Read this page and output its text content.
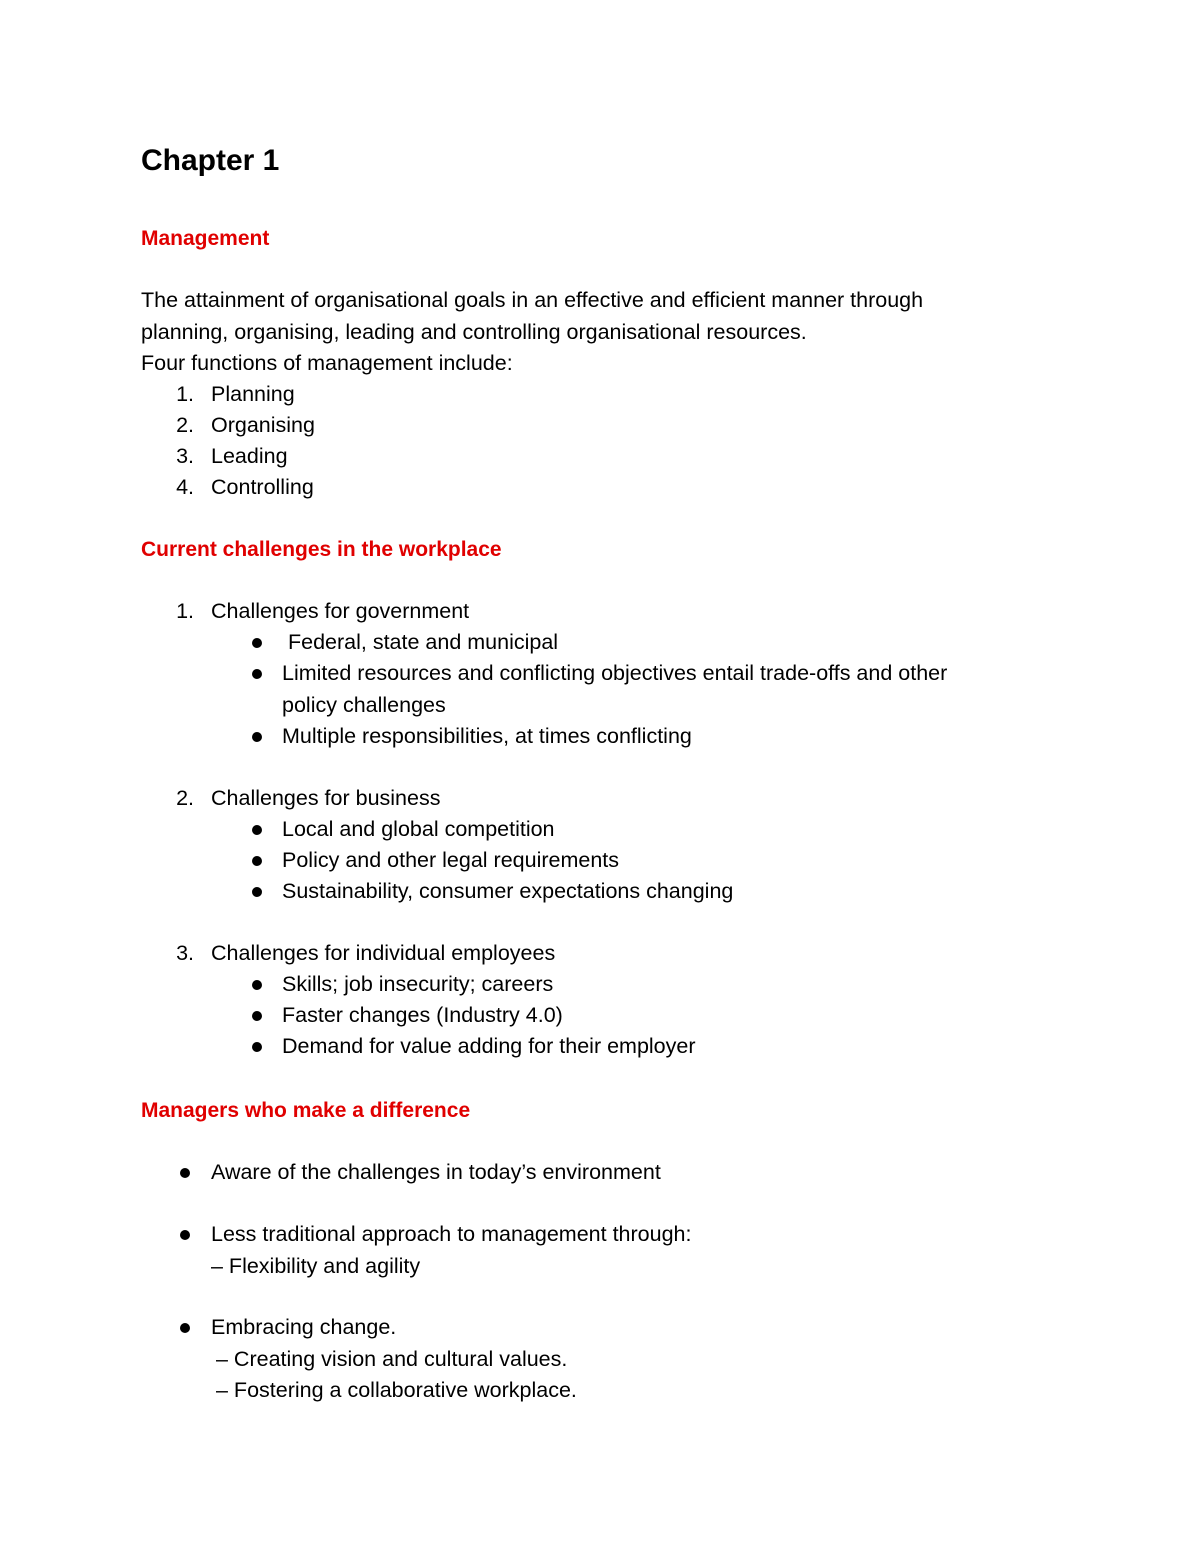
Chapter 1
Management
The attainment of organisational goals in an effective and efficient manner through
planning, organising, leading and controlling organisational resources.
Four functions of management include:
1. Planning
2. Organising
3. Leading
4. Controlling
Current challenges in the workplace
1. Challenges for government
Federal, state and municipal
Limited resources and conflicting objectives entail trade-offs and other
policy challenges
Multiple responsibilities, at times conflicting
2. Challenges for business
Local and global competition
Policy and other legal requirements
Sustainability, consumer expectations changing
3. Challenges for individual employees
Skills; job insecurity; careers
Faster changes (Industry 4.0)
Demand for value adding for their employer
Managers who make a difference
Aware of the challenges in today’s environment
Less traditional approach to management through:
– Flexibility and agility
Embracing change.
– Creating vision and cultural values.
– Fostering a collaborative workplace.
